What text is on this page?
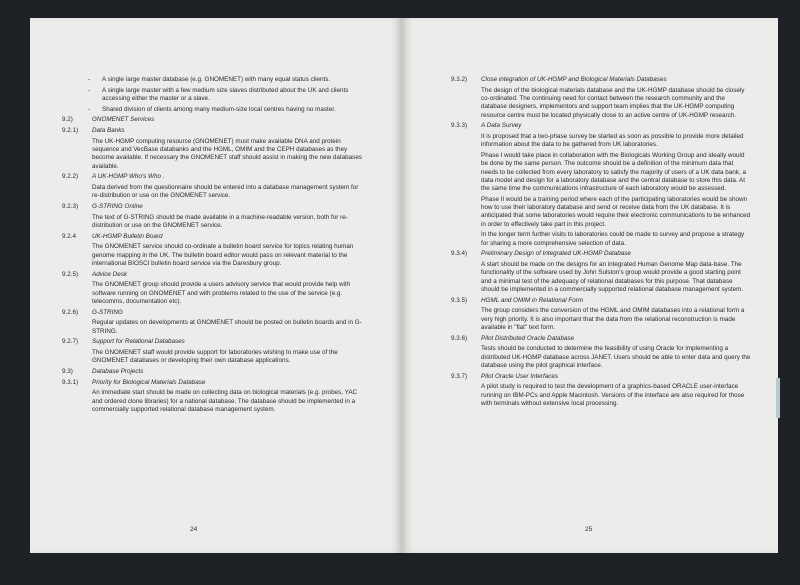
-	A single large master database (e.g. GNOMENET) with many equal status clients.
-	A single large master with a few medium size slaves distributed about the UK and clients accessing either the master or a slave.
-	Shared division of clients among many medium-size local centres having no master.
9.2)	GNOMENET Services
9.2.1)	Data Banks
The UK-HGMP computing resource (GNOMENET) must make available DNA and protein sequence and VecBase databanks and the HGML, OMIM and the CEPH databases as they become available. If necessary the GNOMENET staff should assist in making the new databases available.
9.2.2)	A UK-HGMP Who's Who .
Data derived from the questionnaire should be entered into a database management system for re-distribution or use on the GNOMENET service.
9.2.3)	G-STRING Online
The text of G-STRING should be made available in a machine-readable version, both for re-distribution or use on the GNOMENET service.
9.2.4	UK-HGMP Bulletin Board
The GNOMENET service should co-ordinate a bulletin board service for topics relating human genome mapping in the UK. The bulletin board editor would pass on relevant material to the international BIOSCI bulletin board service via the Daresbury group.
9.2.5)	Advice Desk
The GNOMENET group should provide a users advisory service that would provide help with software running on GNOMENET and with problems related to the use of the service (e.g. telecomms, documentation etc).
9.2.6)	G-STRING
Regular updates on developments at GNOMENET should be posted on bulletin boards and in G-STRING.
9.2.7)	Support for Relational Databases
The GNOMENET staff would provide support for laboratories wishing to make use of the GNOMENET databases or developing their own database applications.
9.3)	Database Projects
9.3.1)	Priority for Biological Materials Database
An immediate start should be made on collecting data on biological materials (e.g. probes, YAC and ordered clone libraries) for a national database. The database should be implemented in a commercially supported relational database management system.
24
9.3.2)	Close integration of UK-HGMP and Biological Materials Databases
The design of the biological materials database and the UK-HGMP database should be closely co-ordinated. The continuing need for contact between the research community and the database designers, implementors and support team implies that the UK-HGMP computing resource centre must be located physically close to an active centre of UK-HGMP research.
9.3.3)	A Data Survey
It is proposed that a two-phase survey be started as soon as possible to provide more detailed information about the data to be gathered from UK laboratories.
Phase I would take place in collaboration with the Biologicals Working Group and ideally would be done by the same person. The outcome should be a definition of the minimum data that needs to be collected from every laboratory to satisfy the majority of users of a UK data bank, a data model and design for a laboratory database and the central database to store this data. At the same time the communications infrastructure of each laboratory would be assessed.
Phase II would be a training period where each of the participating laboratories would be shown how to use their laboratory database and send or receive data from the UK database. It is anticipated that some laboratories would require their electronic communications to be enhanced in order to effectively take part in this project.
In the longer term further visits to laboratories could be made to survey and propose a strategy for sharing a more comprehensive selection of data.
9.3.4)	Preliminary Design of Integrated UK-HGMP Database
A start should be made on the designs for an integrated Human Genome Map data-base. The functionality of the software used by John Sulston's group would provide a good starting point and a minimal test of the adequacy of relational databases for this purpose. That database should be implemented in a commercially supported relational database management system.
9.3.5)	HGML and OMIM in Relational Form
The group considers the conversion of the HGML and OMIM databases into a relational form a very high priority. It is also important that the data from the relational reconstruction is made available in "flat" text form.
9.3.6)	Pilot Distributed Oracle Database
Tests should be conducted to determine the feasibility of using Oracle for implementing a distributed UK-HGMP database across JANET. Users should be able to enter data and query the database using the pilot graphical interface.
9.3.7)	Pilot Oracle User Interfaces
A pilot study is required to test the development of a graphics-based ORACLE user-interface running on IBM-PCs and Apple Macintosh. Versions of the interface are also required for those with terminals without extensive local processing.
25
